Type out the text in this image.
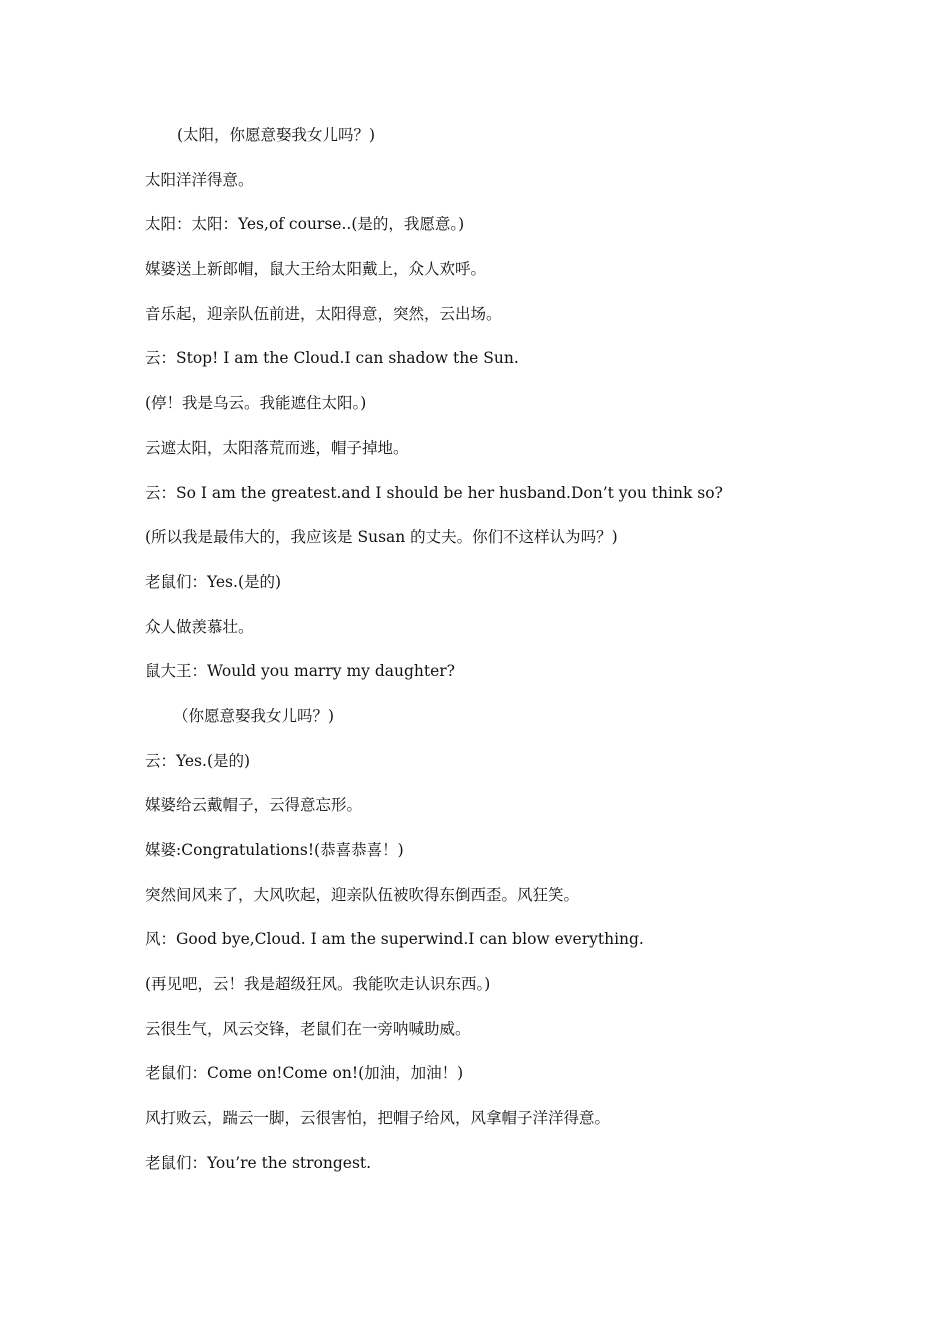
(太阳，你愿意娶我女儿吗？)

太阳洋洋得意。

太阳：太阳：Yes,of course..(是的，我愿意。)

媒婆送上新郎帽，鼠大王给太阳戴上，众人欢呼。

音乐起，迎亲队伍前进，太阳得意，突然，云出场。

云：Stop! I am the Cloud.I can shadow the Sun.

(停！我是乌云。我能遮住太阳。)

云遮太阳，太阳落荒而逃，帽子掉地。

云：So I am the greatest.and I should be her husband.Don’t you think so?

(所以我是最伟大的，我应该是 Susan 的丈夫。你们不这样认为吗？)

老鼠们：Yes.(是的)

众人做羡慕壮。

鼠大王：Would you marry my daughter?

（你愿意娶我女儿吗？)

云：Yes.(是的)

媒婆给云戴帽子，云得意忘形。

媒婆:Congratulations!(恭喜恭喜！)

突然间风来了，大风吹起，迎亲队伍被吹得东倒西歪。风狂笑。

风：Good bye,Cloud. I am the superwind.I can blow everything.

(再见吧，云！我是超级狂风。我能吹走认识东西。)

云很生气，风云交锋，老鼠们在一旁呐喊助威。

老鼠们：Come on!Come on!(加油，加油！)

风打败云，踹云一脚，云很害怕，把帽子给风，风拿帽子洋洋得意。

老鼠们：You’re the strongest.
